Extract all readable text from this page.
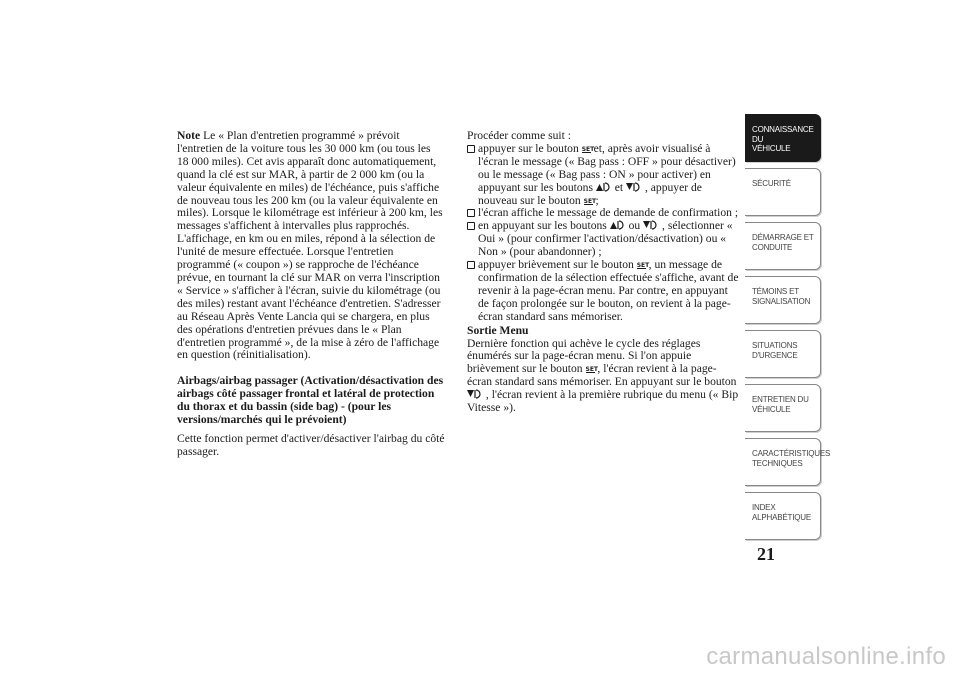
Note Le « Plan d'entretien programmé » prévoit l'entretien de la voiture tous les 30 000 km (ou tous les 18 000 miles). Cet avis apparaît donc automatiquement, quand la clé est sur MAR, à partir de 2 000 km (ou la valeur équivalente en miles) de l'échéance, puis s'affiche de nouveau tous les 200 km (ou la valeur équivalente en miles). Lorsque le kilométrage est inférieur à 200 km, les messages s'affichent à intervalles plus rapprochés. L'affichage, en km ou en miles, répond à la sélection de l'unité de mesure effectuée. Lorsque l'entretien programmé (« coupon ») se rapproche de l'échéance prévue, en tournant la clé sur MAR on verra l'inscription « Service » s'afficher à l'écran, suivie du kilométrage (ou des miles) restant avant l'échéance d'entretien. S'adresser au Réseau Après Vente Lancia qui se chargera, en plus des opérations d'entretien prévues dans le « Plan d'entretien programmé », de la mise à zéro de l'affichage en question (réinitialisation).

Airbags/airbag passager (Activation/désactivation des airbags côté passager frontal et latéral de protection du thorax et du bassin (side bag) - (pour les versions/marchés qui le prévoient)

Cette fonction permet d'activer/désactiver l'airbag du côté passager.

Procéder comme suit :

appuyer sur le bouton SET et, après avoir visualisé à l'écran le message (« Bag pass : OFF » pour désactiver) ou le message (« Bag pass : ON » pour activer) en appuyant sur les boutons et , appuyer de nouveau sur le bouton SET ;
l'écran affiche le message de demande de confirmation ;
en appuyant sur les boutons ou , sélectionner « Oui » (pour confirmer l'activation/désactivation) ou « Non » (pour abandonner) ;
appuyer brièvement sur le bouton SET , un message de confirmation de la sélection effectuée s'affiche, avant de revenir à la page-écran menu. Par contre, en appuyant de façon prolongée sur le bouton, on revient à la page-écran standard sans mémoriser.

Sortie Menu

Dernière fonction qui achève le cycle des réglages énumérés sur la page-écran menu. Si l'on appuie brièvement sur le bouton SET , l'écran revient à la page-écran standard sans mémoriser. En appuyant sur le bouton  , l'écran revient à la première rubrique du menu (« Bip Vitesse »).

CONNAISSANCE DU
VÉHICULE
SÉCURITÉ
DÉMARRAGE ET
CONDUITE
TÉMOINS ET
SIGNALISATION
SITUATIONS
D'URGENCE
ENTRETIEN DU
VÉHICULE
CARACTÉRISTIQUES
TECHNIQUES
INDEX
ALPHABÉTIQUE
21
carmanualsonline.info
